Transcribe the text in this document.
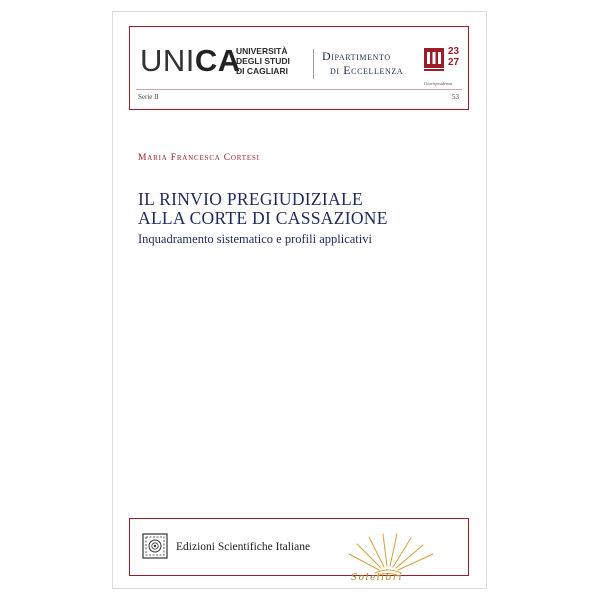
UNICA
UNIVERSITÀ
DEGLI STUDI
DI CAGLIARI
Dipartimento
di Eccellenza
23
27
Giurisprudenza
Serie II	53
Maria Francesca Cortesi
IL RINVIO PREGIUDIZIALE
ALLA CORTE DI CASSAZIONE
Inquadramento sistematico e profili applicativi
Edizioni Scientifiche Italiane
Solelibri
